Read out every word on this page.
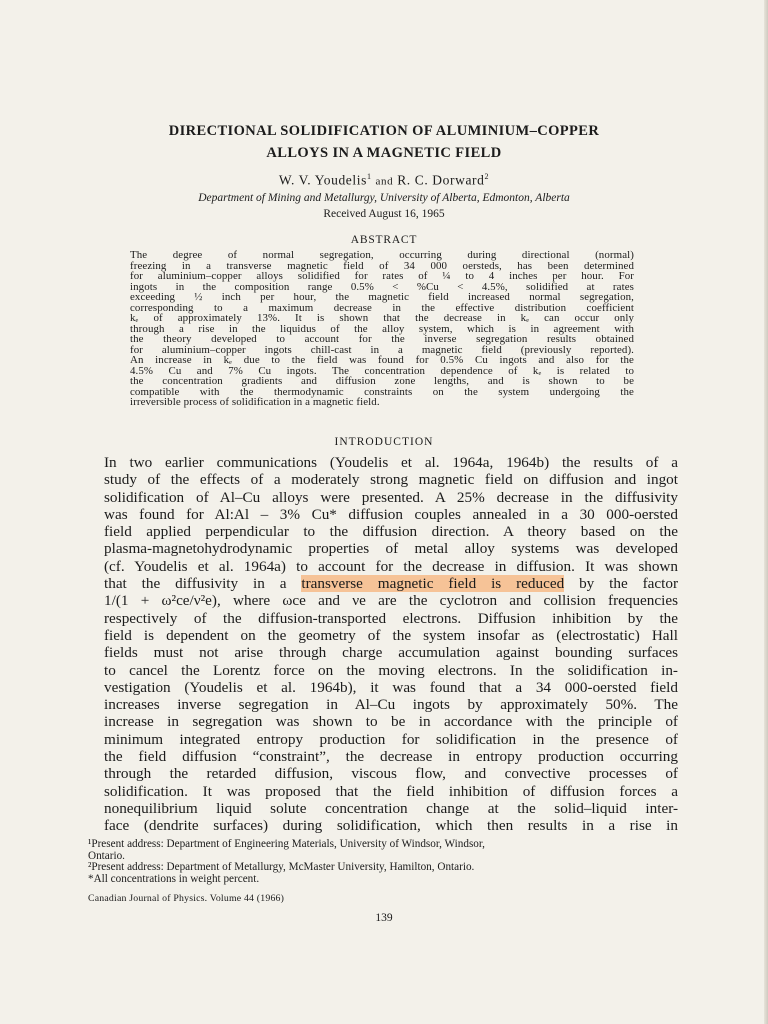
DIRECTIONAL SOLIDIFICATION OF ALUMINIUM–COPPER
ALLOYS IN A MAGNETIC FIELD
W. V. Youdelis$^1$ and R. C. Dorward$^2$
Department of Mining and Metallurgy, University of Alberta, Edmonton, Alberta
Received August 16, 1965
ABSTRACT
The degree of normal segregation, occurring during directional (normal)
freezing in a transverse magnetic field of 34 000 oersteds, has been determined
for aluminium–copper alloys solidified for rates of ¼ to 4 inches per hour. For
ingots in the composition range 0.5% < %Cu < 4.5%, solidified at rates
exceeding ½ inch per hour, the magnetic field increased normal segregation,
corresponding to a maximum decrease in the effective distribution coefficient
kₑ of approximately 13%. It is shown that the decrease in kₑ can occur only
through a rise in the liquidus of the alloy system, which is in agreement with
the theory developed to account for the inverse segregation results obtained
for aluminium–copper ingots chill-cast in a magnetic field (previously reported).
An increase in kₑ due to the field was found for 0.5% Cu ingots and also for the
4.5% Cu and 7% Cu ingots. The concentration dependence of kₑ is related to
the concentration gradients and diffusion zone lengths, and is shown to be
compatible with the thermodynamic constraints on the system undergoing the
irreversible process of solidification in a magnetic field.
INTRODUCTION
In two earlier communications (Youdelis et al. 1964a, 1964b) the results of a
study of the effects of a moderately strong magnetic field on diffusion and ingot
solidification of Al–Cu alloys were presented. A 25% decrease in the diffusivity
was found for Al:Al – 3% Cu* diffusion couples annealed in a 30 000-oersted
field applied perpendicular to the diffusion direction. A theory based on the
plasma-magnetohydrodynamic properties of metal alloy systems was developed
(cf. Youdelis et al. 1964a) to account for the decrease in diffusion. It was shown
that the diffusivity in a transverse magnetic field is reduced by the factor
1/(1 + ω²ce/ν²e), where ωce and νe are the cyclotron and collision frequencies
respectively of the diffusion-transported electrons. Diffusion inhibition by the
field is dependent on the geometry of the system insofar as (electrostatic) Hall
fields must not arise through charge accumulation against bounding surfaces
to cancel the Lorentz force on the moving electrons. In the solidification in-
vestigation (Youdelis et al. 1964b), it was found that a 34 000-oersted field
increases inverse segregation in Al–Cu ingots by approximately 50%. The
increase in segregation was shown to be in accordance with the principle of
minimum integrated entropy production for solidification in the presence of
the field diffusion “constraint”, the decrease in entropy production occurring
through the retarded diffusion, viscous flow, and convective processes of
solidification. It was proposed that the field inhibition of diffusion forces a
nonequilibrium liquid solute concentration change at the solid–liquid inter-
face (dendrite surfaces) during solidification, which then results in a rise in
¹Present address: Department of Engineering Materials, University of Windsor, Windsor,
Ontario.
²Present address: Department of Metallurgy, McMaster University, Hamilton, Ontario.
*All concentrations in weight percent.
Canadian Journal of Physics. Volume 44 (1966)
139
